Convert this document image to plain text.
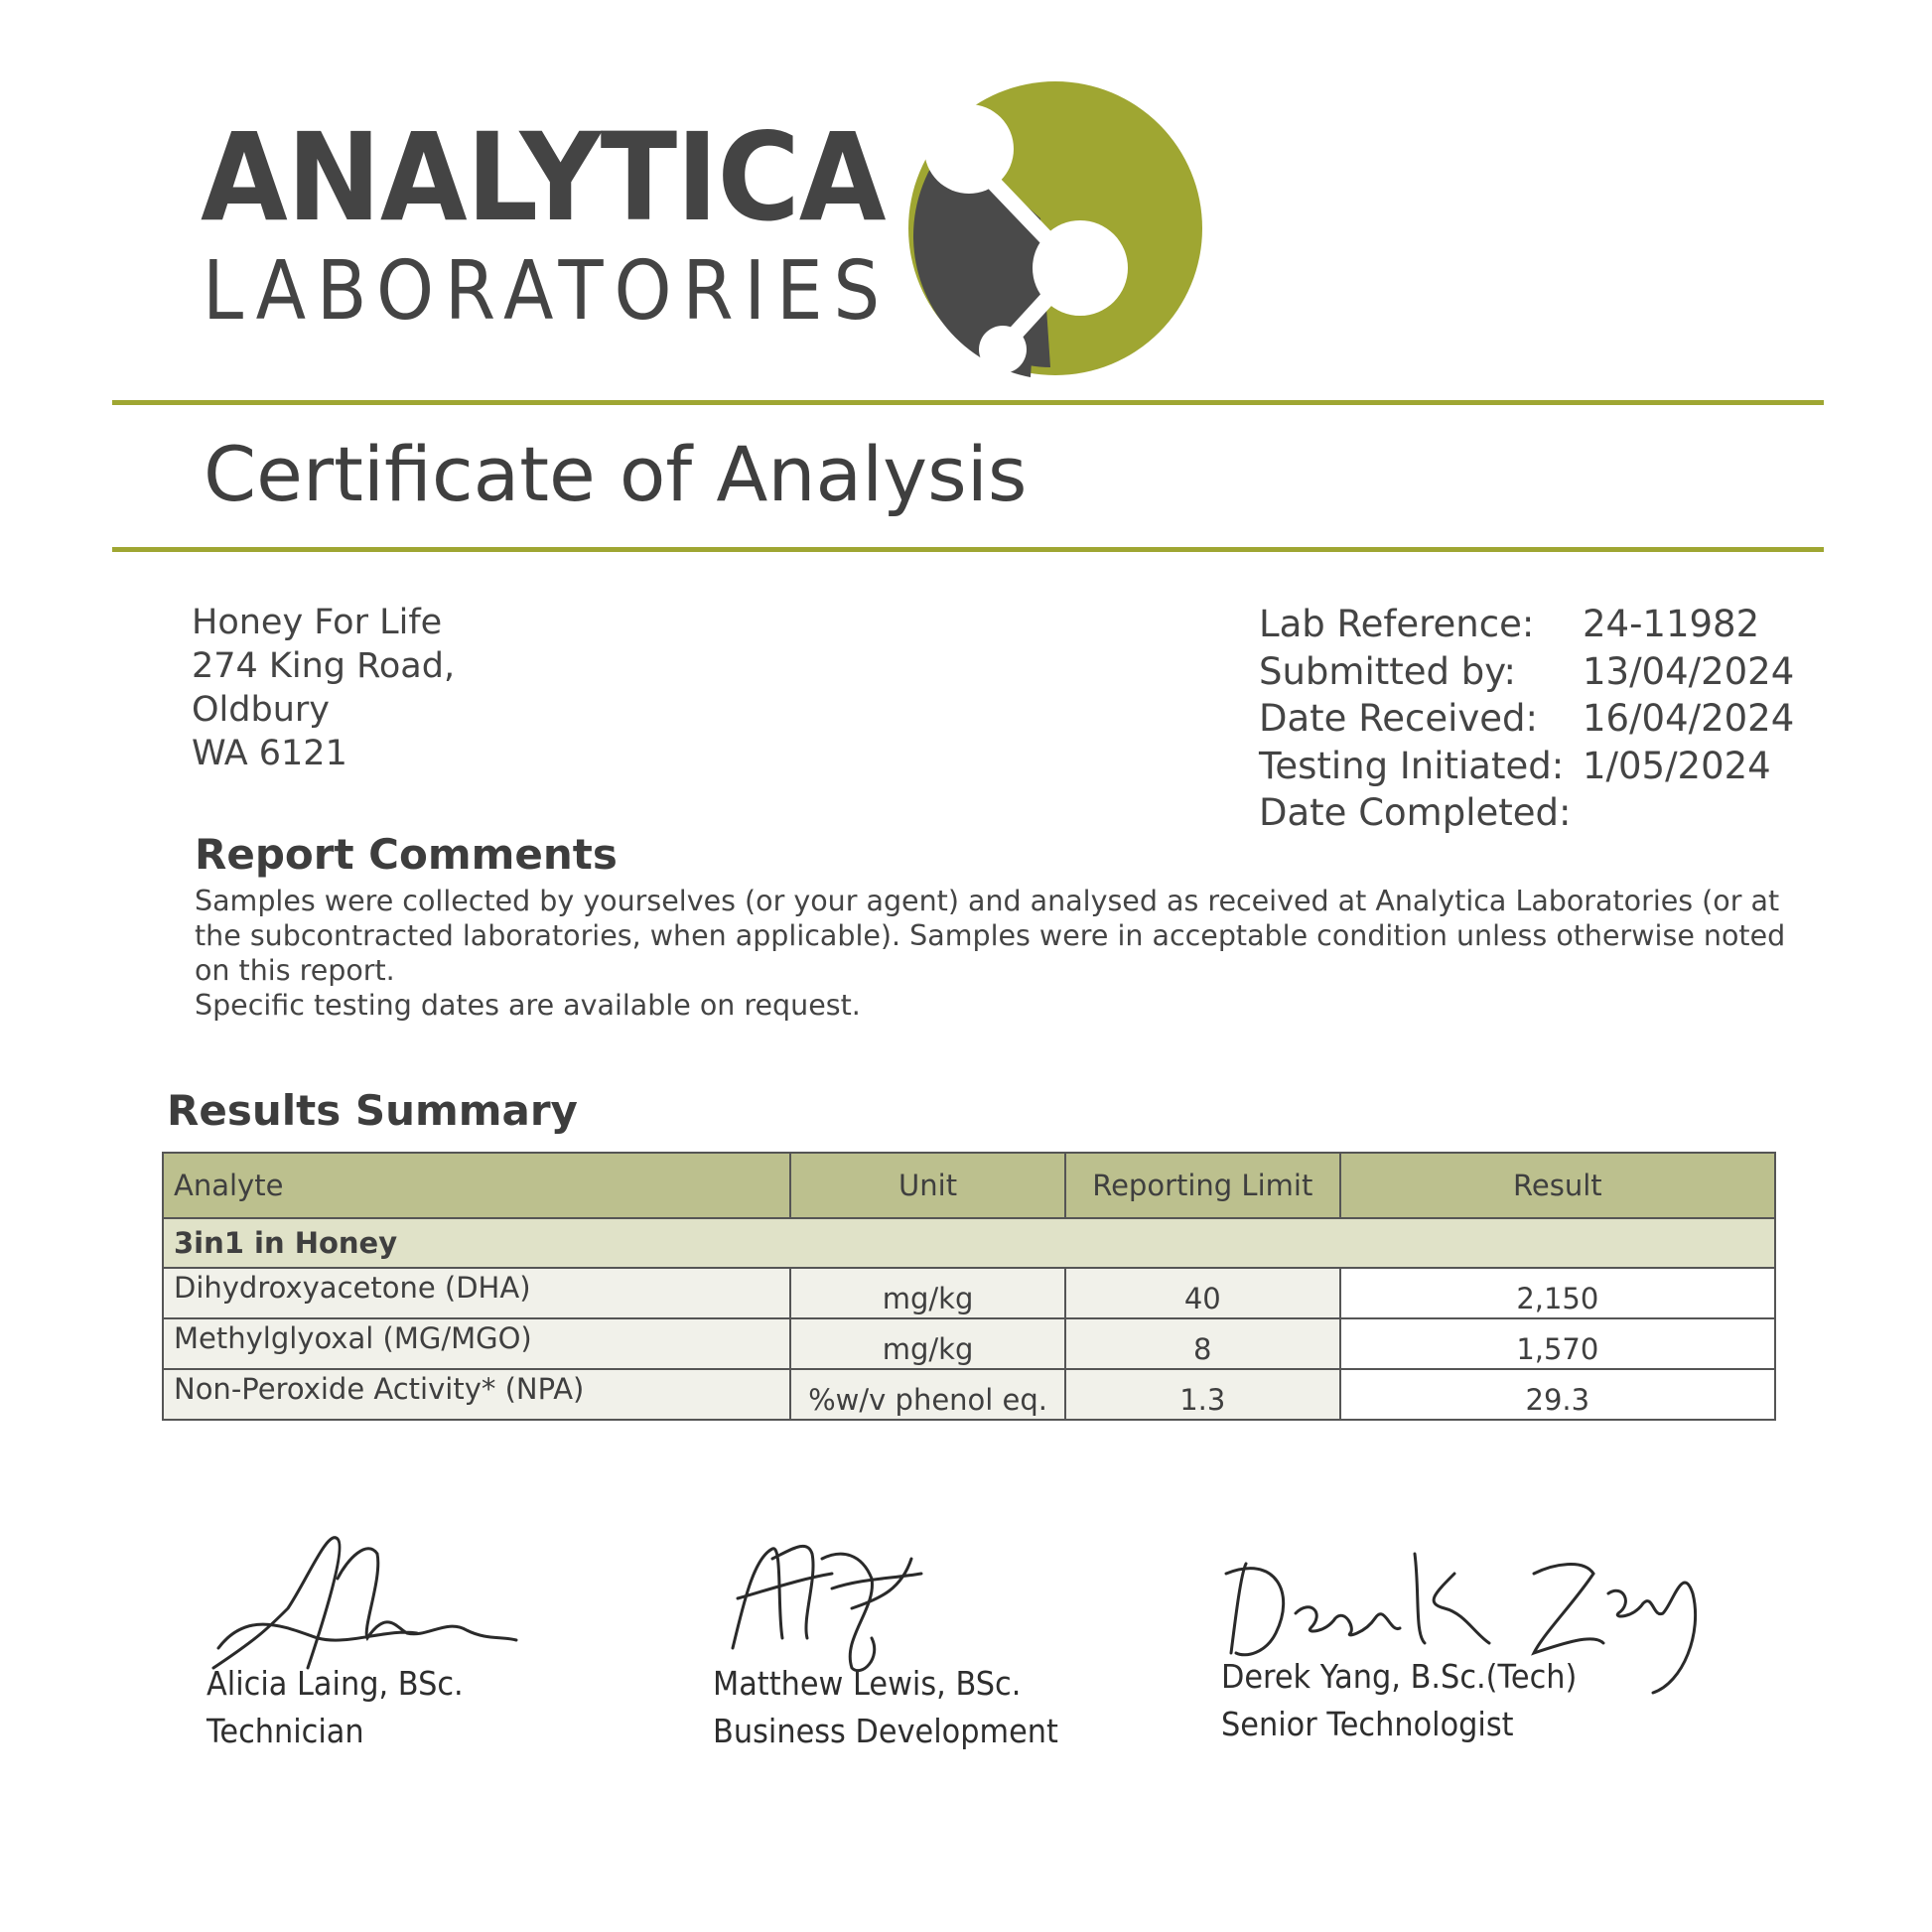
ANALYTICA
LABORATORIES
Certificate of Analysis
Honey For Life
274 King Road,
Oldbury
WA 6121
Lab Reference:	24-11982
Submitted by:	13/04/2024
Date Received:	16/04/2024
Testing Initiated: 1/05/2024
Date Completed:
Report Comments

Samples were collected by yourselves (or your agent) and analysed as received at Analytica Laboratories (or at the subcontracted laboratories, when applicable). Samples were in acceptable condition unless otherwise noted on this report.

Specific testing dates are available on request.

Results Summary
Analyte	Unit	Reporting Limit	Result
3in1 in Honey			
Dihydroxyacetone (DHA)	mg/kg	40	2,150
Methylglyoxal (MG/MGO)	mg/kg	8	1,570
Non-Peroxide Activity* (NPA)	%w/v phenol eq.	1.3	29.3
Alicia Laing, BSc.
Technician
Matthew Lewis, BSc.
Business Development
Derek Yang, B.Sc.(Tech)
Senior Technologist
